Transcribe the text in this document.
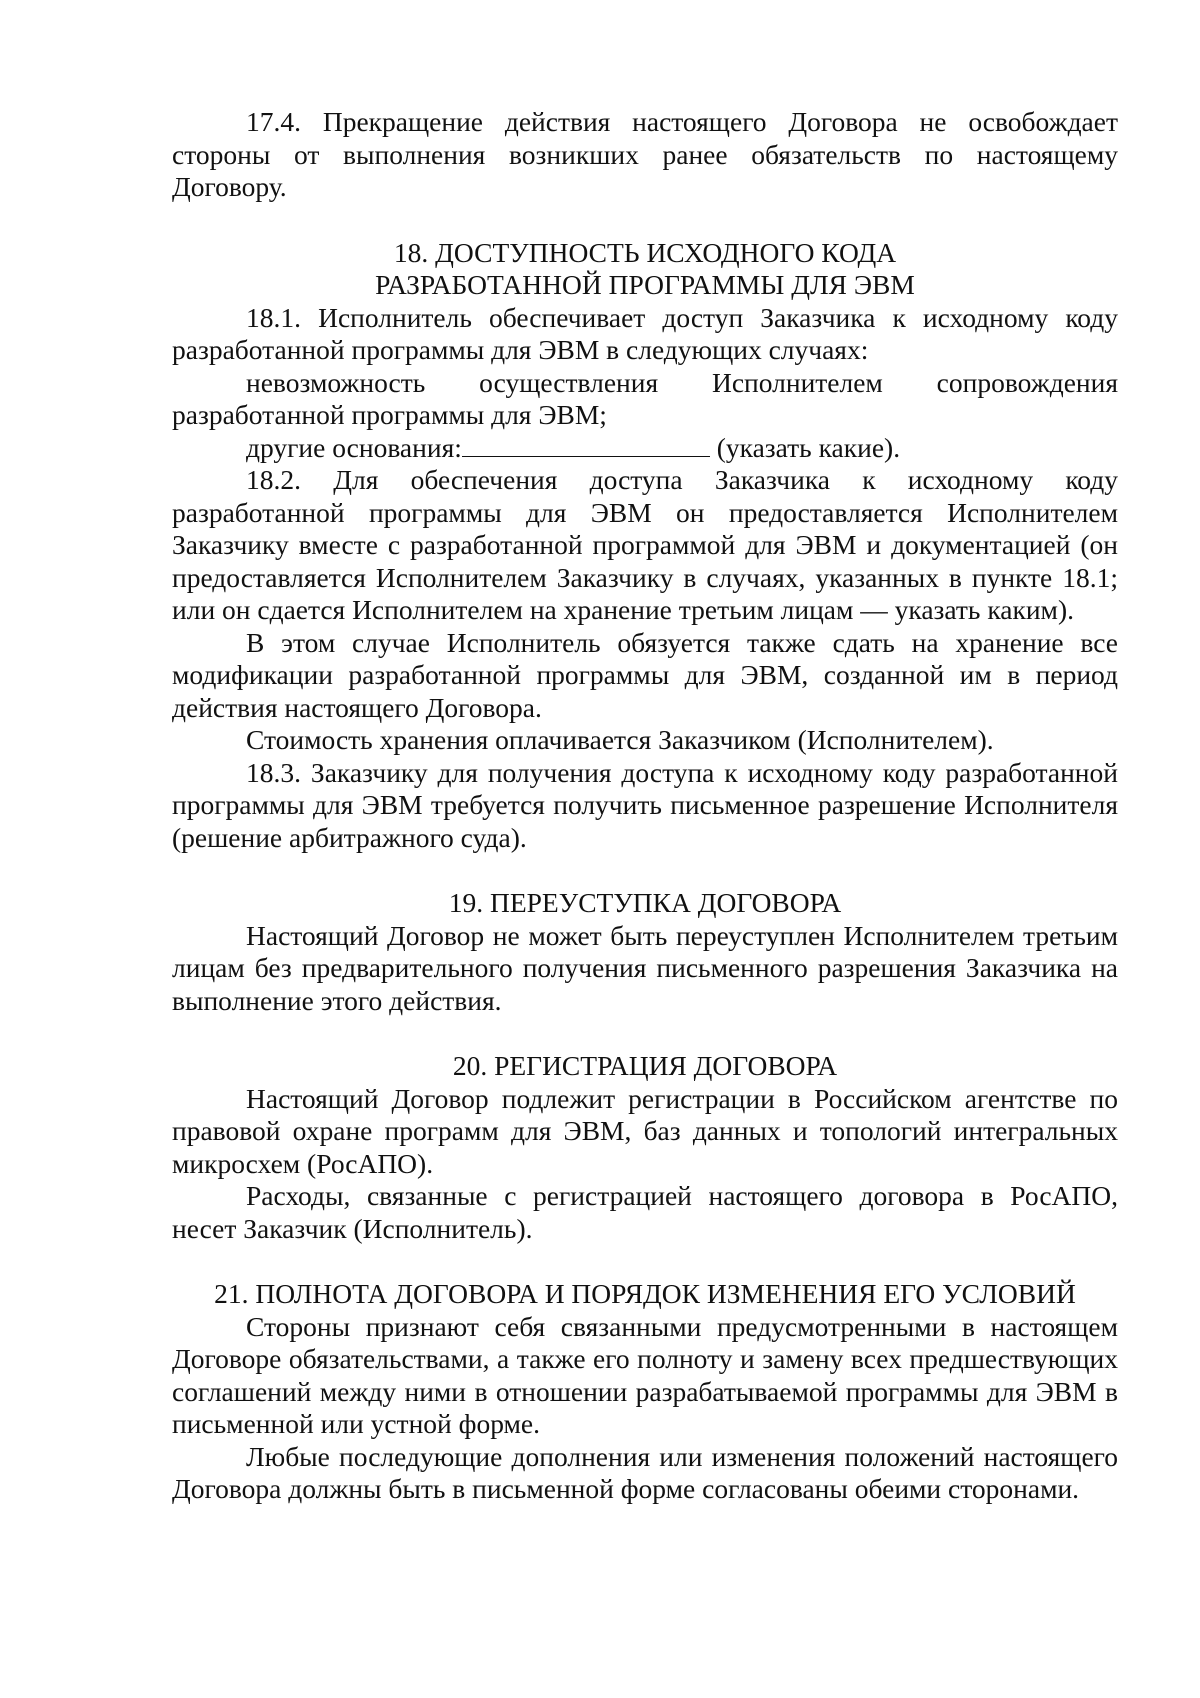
17.4. Прекращение действия настоящего Договора не освобождает стороны от выполнения возникших ранее обязательств по настоящему Договору.

18. ДОСТУПНОСТЬ ИСХОДНОГО КОДА

РАЗРАБОТАННОЙ ПРОГРАММЫ ДЛЯ ЭВМ

18.1. Исполнитель обеспечивает доступ Заказчика к исходному коду разработанной программы для ЭВМ в следующих случаях:

невозможность осуществления Исполнителем сопровождения разработанной программы для ЭВМ;

другие основания:	(указать какие).

18.2. Для обеспечения доступа Заказчика к исходному коду разработанной программы для ЭВМ он предоставляется Исполнителем Заказчику вместе с разработанной программой для ЭВМ и документацией (он предоставляется Исполнителем Заказчику в случаях, указанных в пункте 18.1; или он сдается Исполнителем на хранение третьим лицам — указать каким).

В этом случае Исполнитель обязуется также сдать на хранение все модификации разработанной программы для ЭВМ, созданной им в период действия настоящего Договора.

Стоимость хранения оплачивается Заказчиком (Исполнителем).

18.3. Заказчику для получения доступа к исходному коду разработанной программы для ЭВМ требуется получить письменное разрешение Исполнителя (решение арбитражного суда).

19. ПЕРЕУСТУПКА ДОГОВОРА

Настоящий Договор не может быть переуступлен Исполнителем третьим лицам без предварительного получения письменного разрешения Заказчика на выполнение этого действия.

20. РЕГИСТРАЦИЯ ДОГОВОРА

Настоящий Договор подлежит регистрации в Российском агентстве по правовой охране программ для ЭВМ, баз данных и топологий интегральных микросхем (РосАПО).

Расходы, связанные с регистрацией настоящего договора в РосАПО, несет Заказчик (Исполнитель).

21. ПОЛНОТА ДОГОВОРА И ПОРЯДОК ИЗМЕНЕНИЯ ЕГО УСЛОВИЙ

Стороны признают себя связанными предусмотренными в настоящем Договоре обязательствами, а также его полноту и замену всех предшествующих соглашений между ними в отношении разрабатываемой программы для ЭВМ в письменной или устной форме.

Любые последующие дополнения или изменения положений настоящего Договора должны быть в письменной форме согласованы обеими сторонами.
